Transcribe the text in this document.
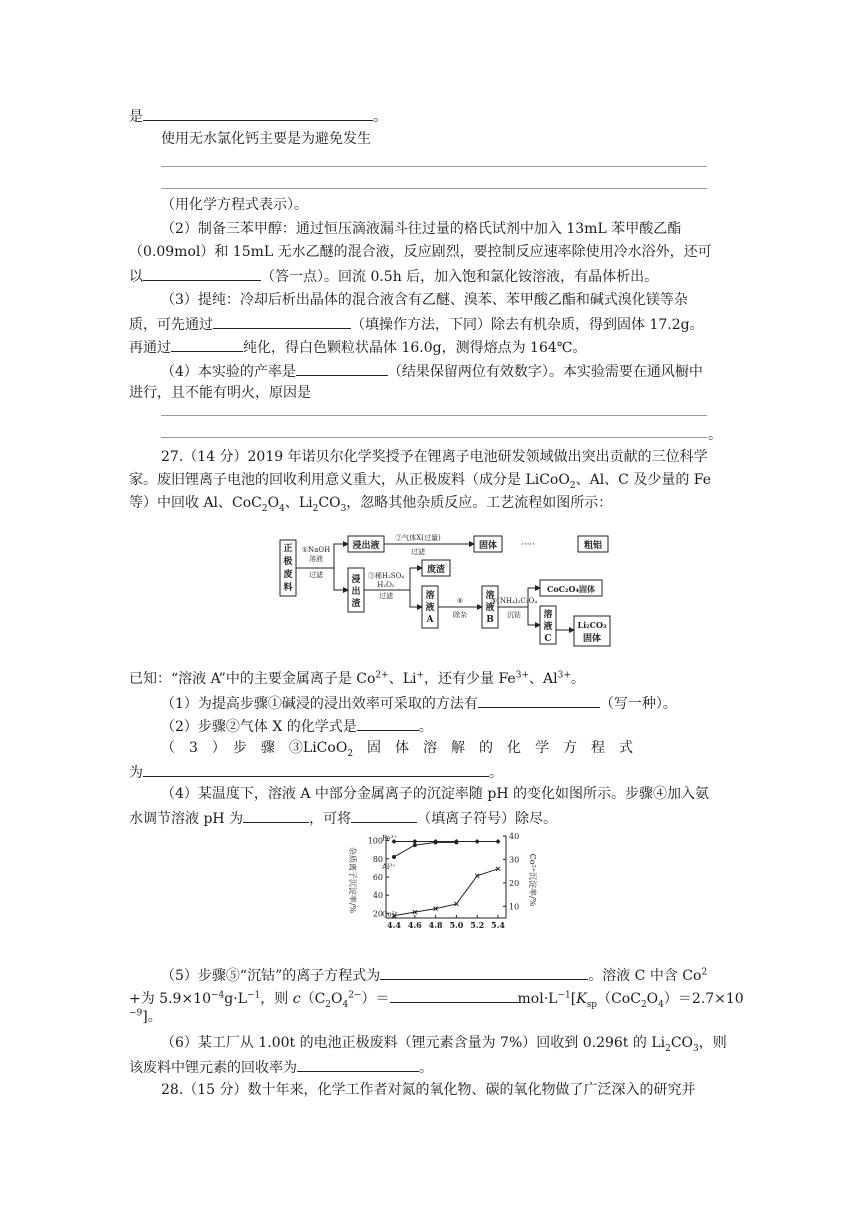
是	。
使用无水氯化钙主要是为避免发生
（用化学方程式表示）。
（2）制备三苯甲醇：通过恒压滴液漏斗往过量的格氏试剂中加入 13mL 苯甲酸乙酯
（0.09mol）和 15mL 无水乙醚的混合液，反应剧烈，要控制反应速率除使用冷水浴外，还可
以	（答一点）。回流 0.5h 后，加入饱和氯化铵溶液，有晶体析出。
（3）提纯：冷却后析出晶体的混合液含有乙醚、溴苯、苯甲酸乙酯和碱式溴化镁等杂
质，可先通过	（填操作方法，下同）除去有机杂质，得到固体 17.2g。
再通过	纯化，得白色颗粒状晶体 16.0g，测得熔点为 164℃。
（4）本实验的产率是	（结果保留两位有效数字）。本实验需要在通风橱中
进行，且不能有明火，原因是
。
27.（14 分）2019 年诺贝尔化学奖授予在锂离子电池研发领域做出突出贡献的三位科学
家。废旧锂离子电池的回收利用意义重大，从正极废料（成分是 LiCoO$_2$、Al、C 及少量的 Fe
等）中回收 Al、$CoC_2O_4$、$Li_2CO_3$，忽略其他杂质反应。工艺流程如图所示：
正
极
废
料
浸出液	固体	粗铝
浸
出
渣
废渣
溶
液
A
溶
液
B
CoC₂O₄固体
溶
液
C
Li₂CO₃
固体
①NaOH
溶液
过滤
②气体X(过量)
过滤
·····
③稀H₂SO₄
H₂O₂
过滤
④
除杂
⑤(NH₄)₂C₂O₄
沉钴
已知：“溶液 A”中的主要金属离子是 $Co^{2+}$、Li+，还有少量 $Fe^{3+}$、$Al^{3+}$。
（1）为提高步骤①碱浸的浸出效率可采取的方法有	（写一种）。
（2）步骤②气体 X 的化学式是	。
（　3　）　步　骤　③LiCoO$_2$　固　体　溶　解　的　化　学　方　程　式
为	。
（4）某温度下，溶液 A 中部分金属离子的沉淀率随 pH 的变化如图所示。步骤④加入氨
水调节溶液 pH 为	，可将	（填离子符号）除尽。
杂质离子沉淀率/%	Co²⁺沉淀率/%
4.4 4.6 4.8 5.0 5.2 5.4
20
40
60
80
100
10
20
30
40
Fe³⁺
Al³⁺
Co²⁺
（5）步骤⑤“沉钴”的离子方程式为	。溶液 C 中含 $Co^2$
+为 $5.9\times 10^{-4}g\cdot L^{-1}$，则 $c(C_2O_4^{2-})=$	$mol\cdot L^{-1}[K_{sp}(CoC_2O_4)=2.7\times 10$
$^{-9}$]。
（6）某工厂从 1.00t 的电池正极废料（锂元素含量为 7%）回收到 0.296t 的 $Li_2CO_3$，则
该废料中锂元素的回收率为	。
28.（15 分）数十年来，化学工作者对氮的氧化物、碳的氧化物做了广泛深入的研究并
